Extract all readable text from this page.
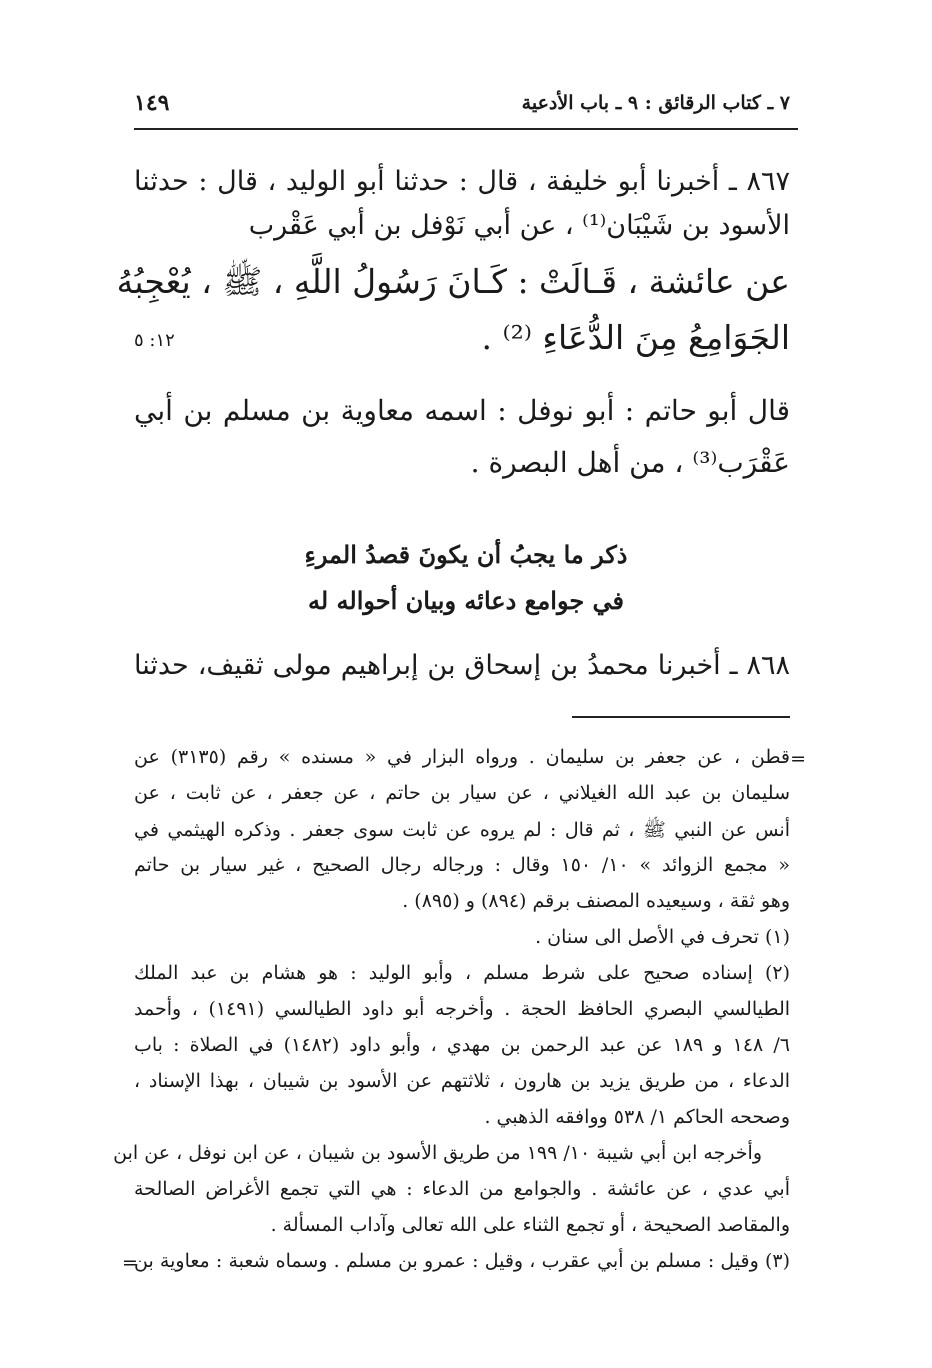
٧ ـ كتاب الرقائق : ٩ ـ باب الأدعية
١٤٩
٨٦٧ ـ أخبرنا أبو خليفة ، قال : حدثنا أبو الوليد ، قال : حدثنا
الأسود بن شَيْبَان⁽¹⁾ ، عن أبي نَوْفل بن أبي عَقْرب
عن عائشة ، قَـالَتْ : كَـانَ رَسُولُ اللَّهِ ، ﷺ ، يُعْجِبُهُ
الجَوَامِعُ مِنَ الدُّعَاءِ ⁽²⁾ .
١٢: ٥
قال أبو حاتم : أبو نوفل : اسمه معاوية بن مسلم بن أبي
عَقْرَب⁽³⁾ ، من أهل البصرة .
ذكر ما يجبُ أن يكونَ قصدُ المرءِ
في جوامع دعائه وبيان أحواله له
٨٦٨ ـ أخبرنا محمدُ بن إسحاق بن إبراهيم مولى ثقيف، حدثنا
=
قطن ، عن جعفر بن سليمان . ورواه البزار في « مسنده » رقم (٣١٣٥) عن
سليمان بن عبد الله الغيلاني ، عن سيار بن حاتم ، عن جعفر ، عن ثابت ، عن
أنس عن النبي ﷺ ، ثم قال : لم يروه عن ثابت سوى جعفر . وذكره الهيثمي في
« مجمع الزوائد » ١٠/ ١٥٠ وقال : ورجاله رجال الصحيح ، غير سيار بن حاتم
وهو ثقة ، وسيعيده المصنف برقم (٨٩٤) و (٨٩٥) .
(١) تحرف في الأصل الى سنان .
(٢) إسناده صحيح على شرط مسلم ، وأبو الوليد : هو هشام بن عبد الملك
الطيالسي البصري الحافظ الحجة . وأخرجه أبو داود الطيالسي (١٤٩١) ، وأحمد
٦/ ١٤٨ و ١٨٩ عن عبد الرحمن بن مهدي ، وأبو داود (١٤٨٢) في الصلاة : باب
الدعاء ، من طريق يزيد بن هارون ، ثلاثتهم عن الأسود بن شيبان ، بهذا الإسناد ،
وصححه الحاكم ١/ ٥٣٨ ووافقه الذهبي .
وأخرجه ابن أبي شيبة ١٠/ ١٩٩ من طريق الأسود بن شيبان ، عن ابن نوفل ، عن ابن
أبي عدي ، عن عائشة . والجوامع من الدعاء : هي التي تجمع الأغراض الصالحة
والمقاصد الصحيحة ، أو تجمع الثناء على الله تعالى وآداب المسألة .
(٣) وقيل : مسلم بن أبي عقرب ، وقيل : عمرو بن مسلم . وسماه شعبة : معاوية بن
=
